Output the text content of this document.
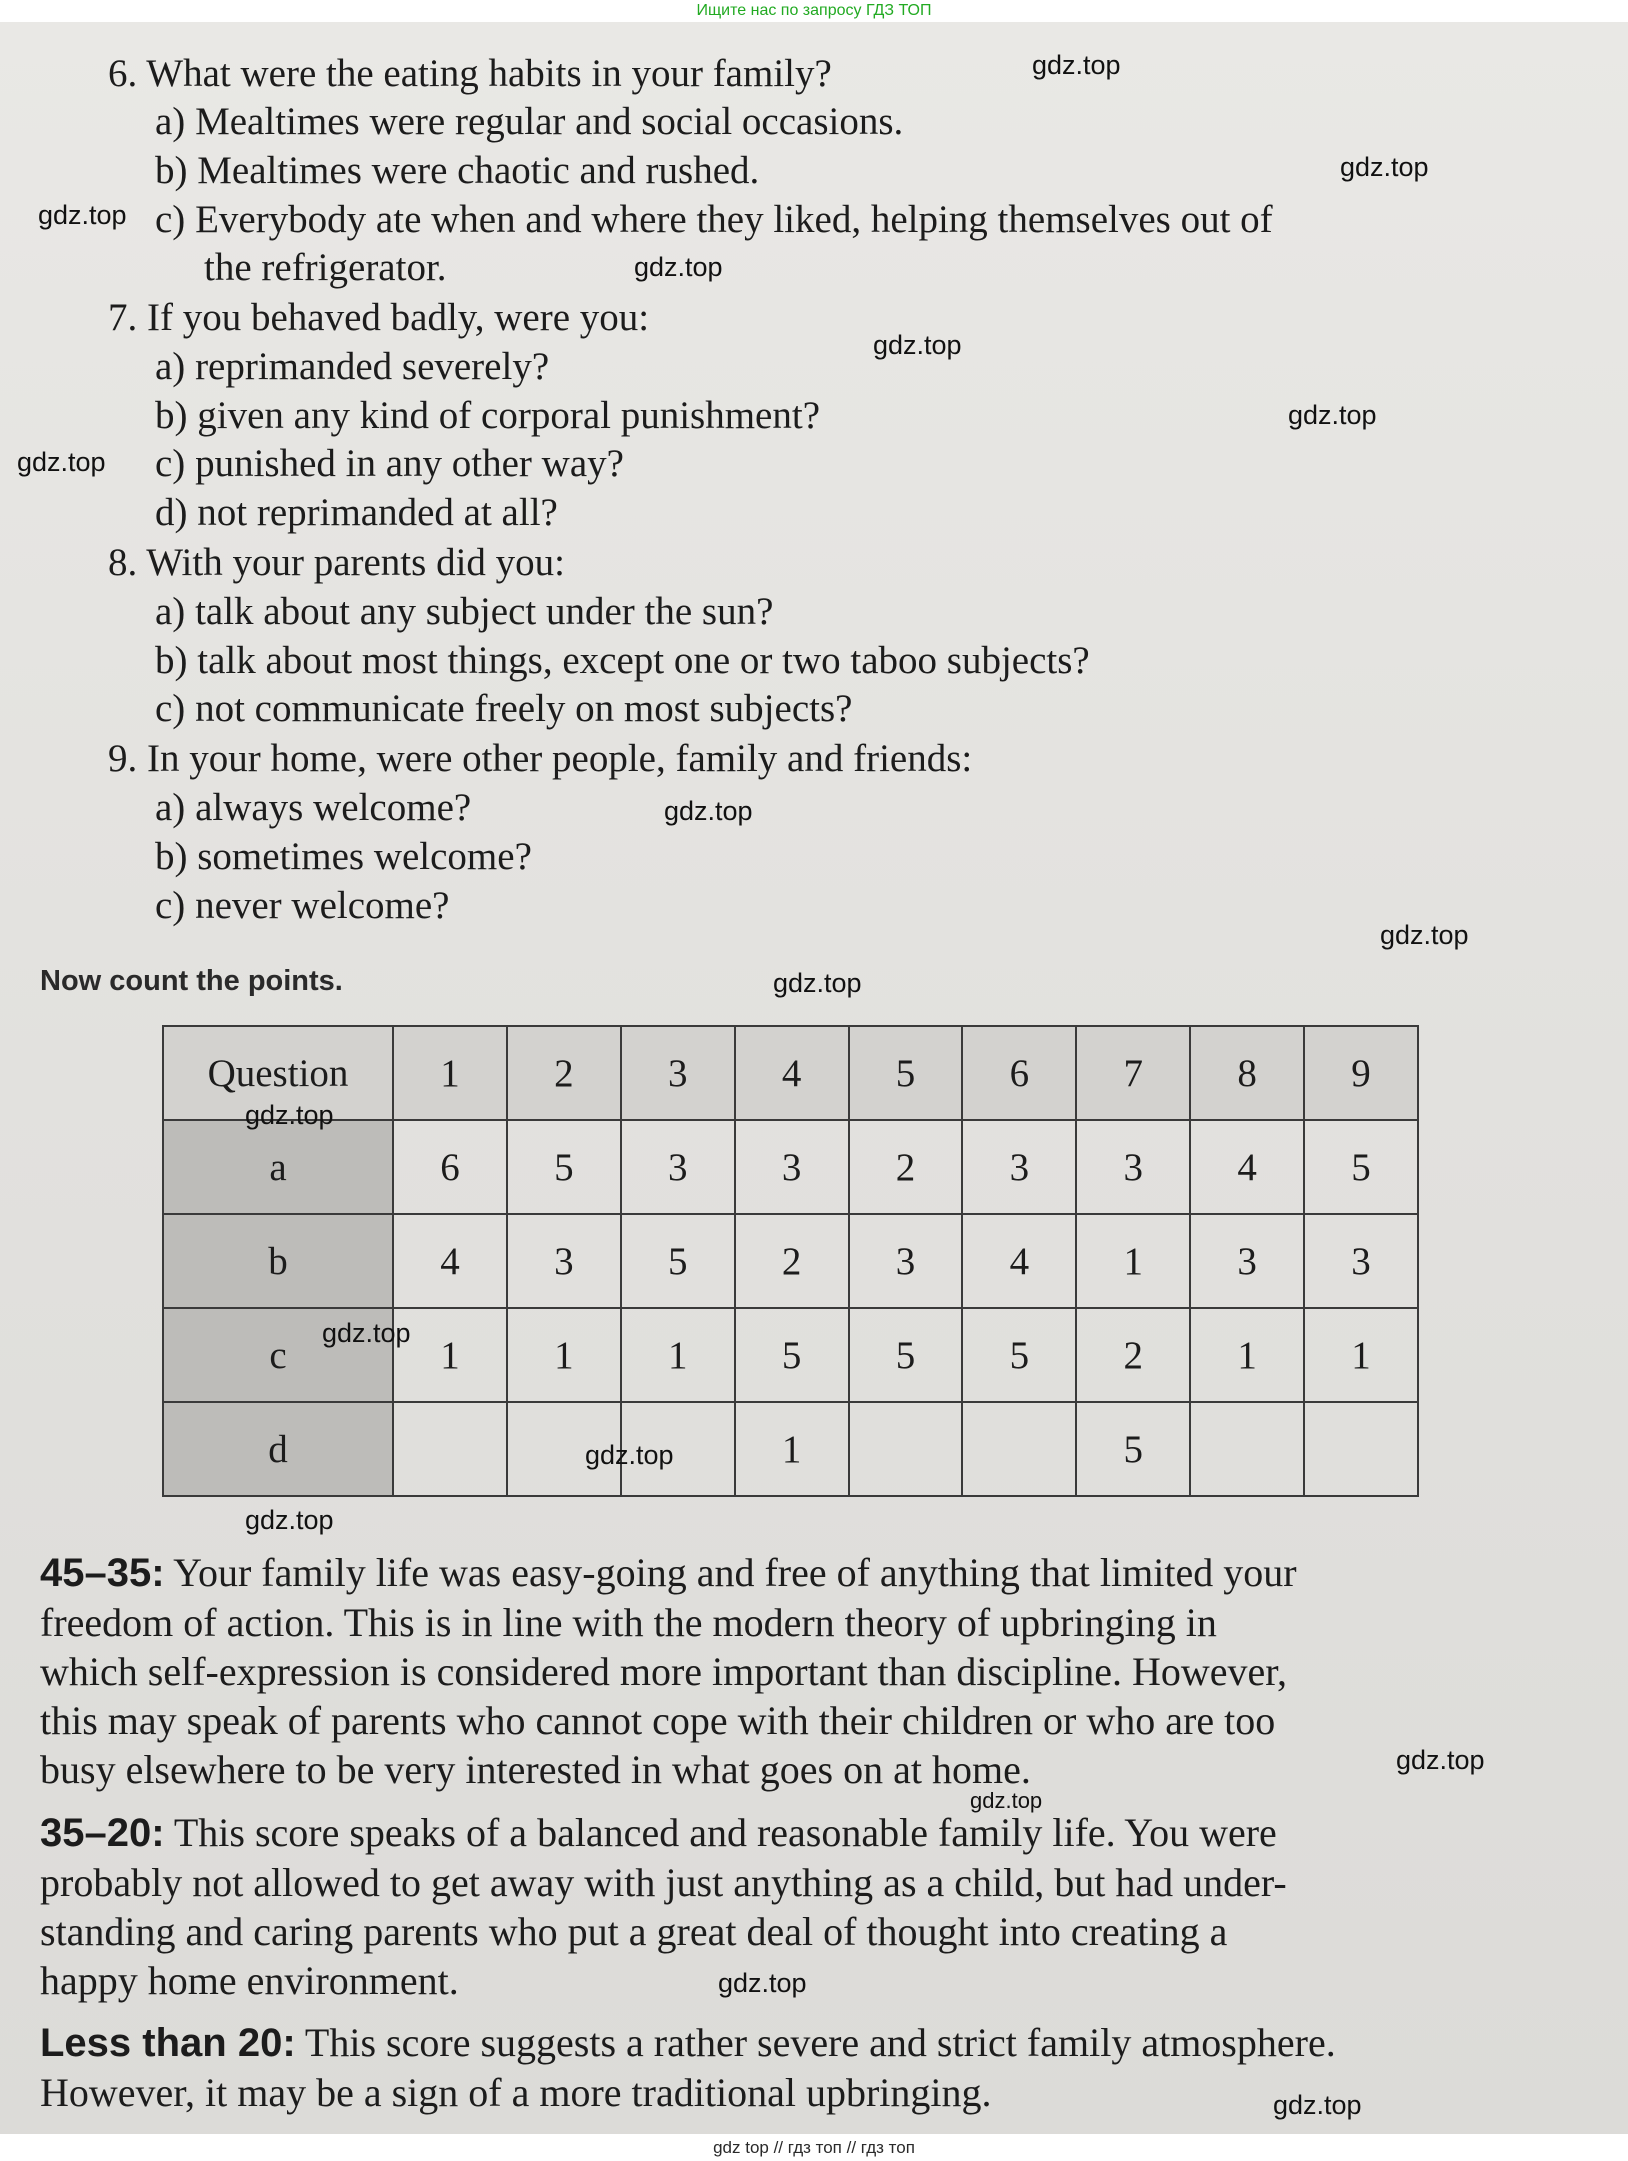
Ищите нас по запросу ГДЗ ТОП
6. What were the eating habits in your family?
a) Mealtimes were regular and social occasions.
b) Mealtimes were chaotic and rushed.
c) Everybody ate when and where they liked, helping themselves out of
the refrigerator.
7. If you behaved badly, were you:
a) reprimanded severely?
b) given any kind of corporal punishment?
c) punished in any other way?
d) not reprimanded at all?
8. With your parents did you:
a) talk about any subject under the sun?
b) talk about most things, except one or two taboo subjects?
c) not communicate freely on most subjects?
9. In your home, were other people, family and friends:
a) always welcome?
b) sometimes welcome?
c) never welcome?
Now count the points.
Question	1	2	3	4	5	6	7	8	9
a	6	5	3	3	2	3	3	4	5
b	4	3	5	2	3	4	1	3	3
c	1	1	1	5	5	5	2	1	1
d				1			5		
45–35: Your family life was easy-going and free of anything that limited your
freedom of action. This is in line with the modern theory of upbringing in
which self-expression is considered more important than discipline. However,
this may speak of parents who cannot cope with their children or who are too
busy elsewhere to be very interested in what goes on at home.
35–20: This score speaks of a balanced and reasonable family life. You were
probably not allowed to get away with just anything as a child, but had under-
standing and caring parents who put a great deal of thought into creating a
happy home environment.
Less than 20: This score suggests a rather severe and strict family atmosphere.
However, it may be a sign of a more traditional upbringing.
gdz.top
gdz.top
gdz.top
gdz.top
gdz.top
gdz.top
gdz.top
gdz.top
gdz.top
gdz.top
gdz.top
gdz.top
gdz.top
gdz.top
gdz.top
gdz.top
gdz.top
gdz.top
gdz top // гдз топ // гдз топ
